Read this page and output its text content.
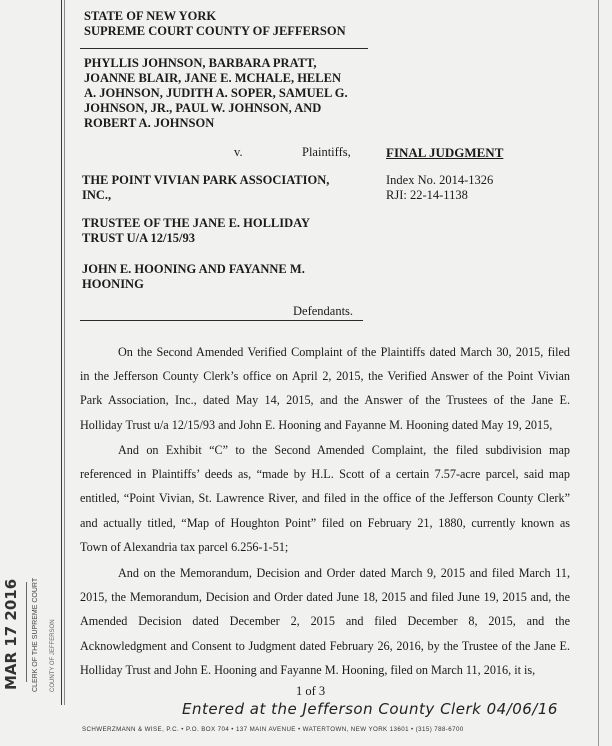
STATE OF NEW YORK
SUPREME COURT COUNTY OF JEFFERSON
PHYLLIS JOHNSON, BARBARA PRATT,
JOANNE BLAIR, JANE E. MCHALE, HELEN
A. JOHNSON, JUDITH A. SOPER, SAMUEL G.
JOHNSON, JR., PAUL W. JOHNSON, AND
ROBERT A. JOHNSON
v.	Plaintiffs,	FINAL JUDGMENT
Index No. 2014-1326
RJI: 22-14-1138
THE POINT VIVIAN PARK ASSOCIATION,
INC.,
TRUSTEE OF THE JANE E. HOLLIDAY
TRUST U/A 12/15/93
JOHN E. HOONING AND FAYANNE M.
HOONING
Defendants.
On the Second Amended Verified Complaint of the Plaintiffs dated March 30, 2015, filed
in the Jefferson County Clerk’s office on April 2, 2015, the Verified Answer of the Point Vivian
Park Association, Inc., dated May 14, 2015, and the Answer of the Trustees of the Jane E.
Holliday Trust u/a 12/15/93 and John E. Hooning and Fayanne M. Hooning dated May 19, 2015,
And on Exhibit “C” to the Second Amended Complaint, the filed subdivision map
referenced in Plaintiffs’ deeds as, “made by H.L. Scott of a certain 7.57-acre parcel, said map
entitled, “Point Vivian, St. Lawrence River, and filed in the office of the Jefferson County Clerk”
and actually titled, “Map of Houghton Point” filed on February 21, 1880, currently known as
Town of Alexandria tax parcel 6.256-1-51;
And on the Memorandum, Decision and Order dated March 9, 2015 and filed March 11,
2015, the Memorandum, Decision and Order dated June 18, 2015 and filed June 19, 2015 and, the
Amended Decision dated December 2, 2015 and filed December 8, 2015, and the
Acknowledgment and Consent to Judgment dated February 26, 2016, by the Trustee of the Jane E.
Holliday Trust and John E. Hooning and Fayanne M. Hooning, filed on March 11, 2016, it is,
1 of 3
Entered at the Jefferson County Clerk 04/06/16
SCHWERZMANN & WISE, P.C. • P.O. BOX 704 • 137 MAIN AVENUE • WATERTOWN, NEW YORK 13601 • (315) 788-6700
MAR 17 2016 CLERK OF THE SUPREME COURT COUNTY OF JEFFERSON
